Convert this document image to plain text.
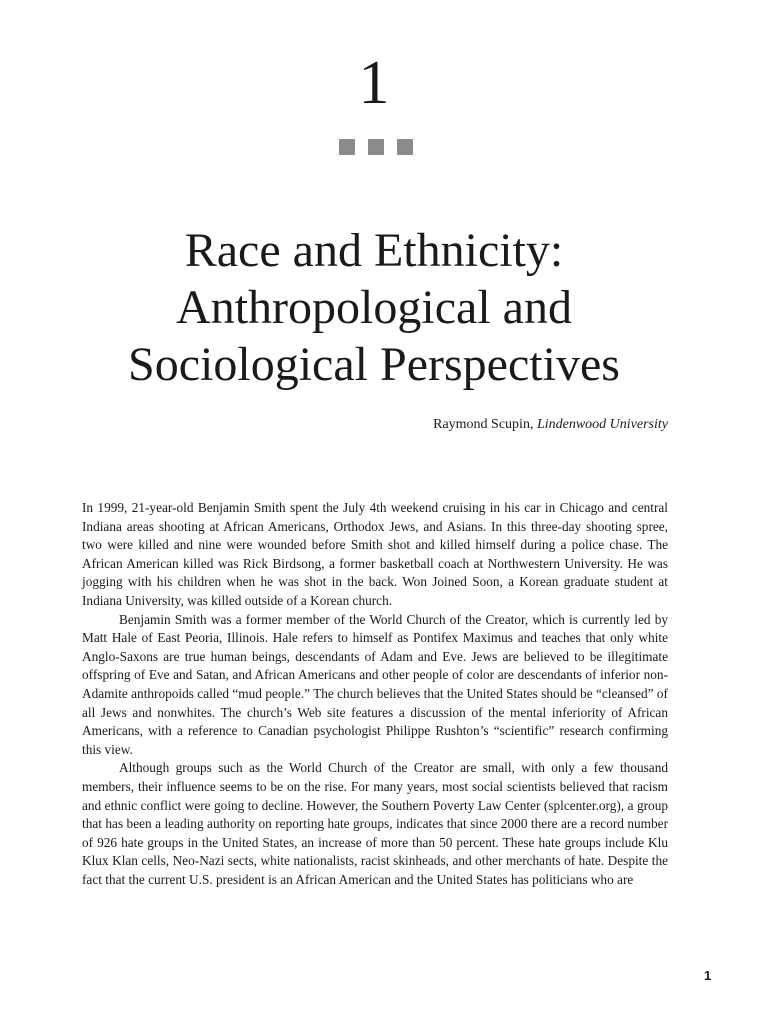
1
Race and Ethnicity:
Anthropological and
Sociological Perspectives
Raymond Scupin, Lindenwood University

In 1999, 21-year-old Benjamin Smith spent the July 4th weekend cruising in his car in Chicago and central Indiana areas shooting at African Americans, Orthodox Jews, and Asians. In this three-day shooting spree, two were killed and nine were wounded before Smith shot and killed himself during a police chase. The African American killed was Rick Birdsong, a former basketball coach at Northwestern University. He was jogging with his children when he was shot in the back. Won Joined Soon, a Korean graduate student at Indiana University, was killed outside of a Korean church.

Benjamin Smith was a former member of the World Church of the Creator, which is currently led by Matt Hale of East Peoria, Illinois. Hale refers to himself as Pontifex Maximus and teaches that only white Anglo-Saxons are true human beings, descendants of Adam and Eve. Jews are believed to be illegitimate offspring of Eve and Satan, and African Americans and other people of color are descendants of inferior non-Adamite anthropoids called “mud people.” The church believes that the United States should be “cleansed” of all Jews and nonwhites. The church’s Web site features a discussion of the mental inferiority of African Americans, with a reference to Canadian psychologist Philippe Rushton’s “scientific” research confirming this view.

Although groups such as the World Church of the Creator are small, with only a few thousand members, their influence seems to be on the rise. For many years, most social scientists believed that racism and ethnic conflict were going to decline. However, the Southern Poverty Law Center (splcenter.org), a group that has been a leading authority on reporting hate groups, indicates that since 2000 there are a record number of 926 hate groups in the United States, an increase of more than 50 percent. These hate groups include Klu Klux Klan cells, Neo-Nazi sects, white nationalists, racist skinheads, and other merchants of hate. Despite the fact that the current U.S. president is an African American and the United States has politicians who are

1
